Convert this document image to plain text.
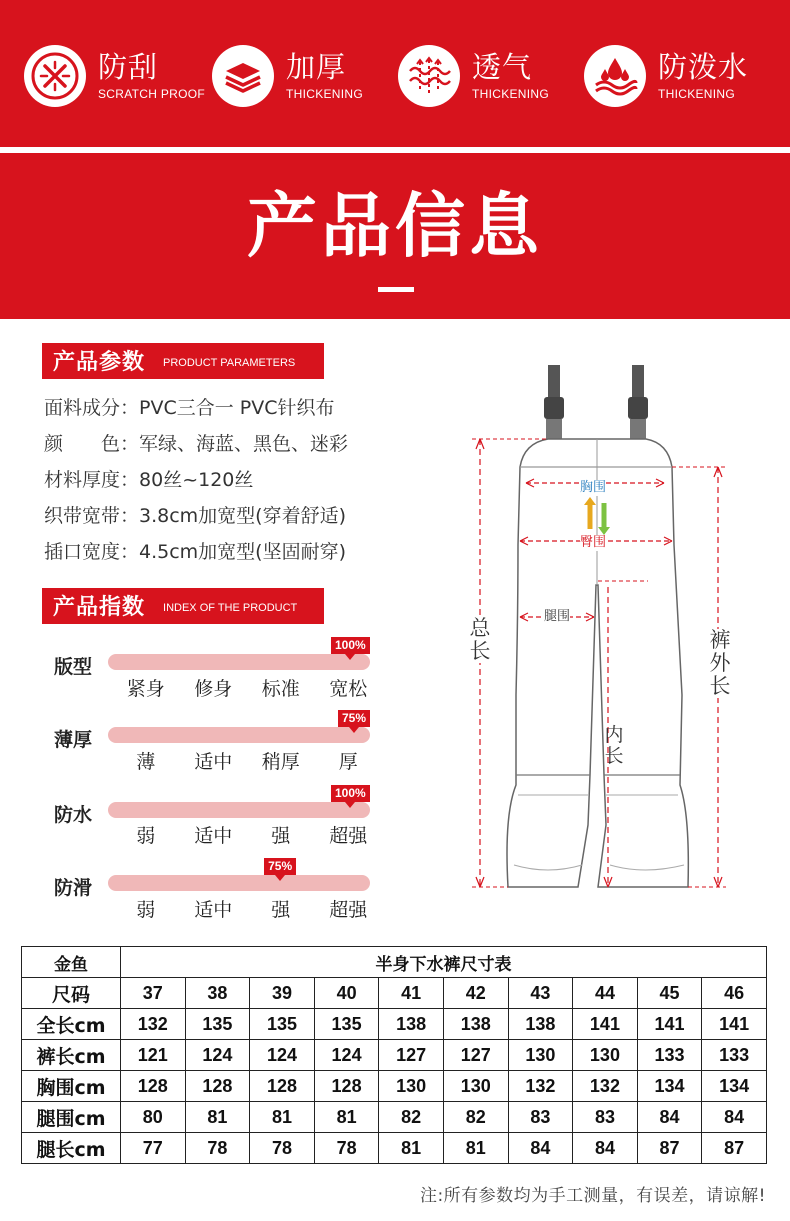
防刮
SCRATCH PROOF
加厚
THICKENING
透气
THICKENING
防泼水
THICKENING
产品信息
产品参数 PRODUCT PARAMETERS
面料成分：PVC三合一 PVC针织布
颜　　色：军绿、海蓝、黑色、迷彩
材料厚度：80丝~120丝
织带宽带：3.8cm加宽型(穿着舒适)
插口宽度：4.5cm加宽型(坚固耐穿)
产品指数 INDEX OF THE PRODUCT
版型
100%
紧身	修身	标准	宽松
薄厚
75%
薄	适中	稍厚	厚
防水
100%
弱	适中	强	超强
防滑
75%
弱	适中	强	超强
胸围
臀围
腿围
总长	裤外长
内长
金鱼	半身下水裤尺寸表									
尺码	37	38	39	40	41	42	43	44	45	46
全长cm	132	135	135	135	138	138	138	141	141	141
裤长cm	121	124	124	124	127	127	130	130	133	133
胸围cm	128	128	128	128	130	130	132	132	134	134
腿围cm	80	81	81	81	82	82	83	83	84	84
腿长cm	77	78	78	78	81	81	84	84	87	87
注:所有参数均为手工测量，有误差，请谅解!
